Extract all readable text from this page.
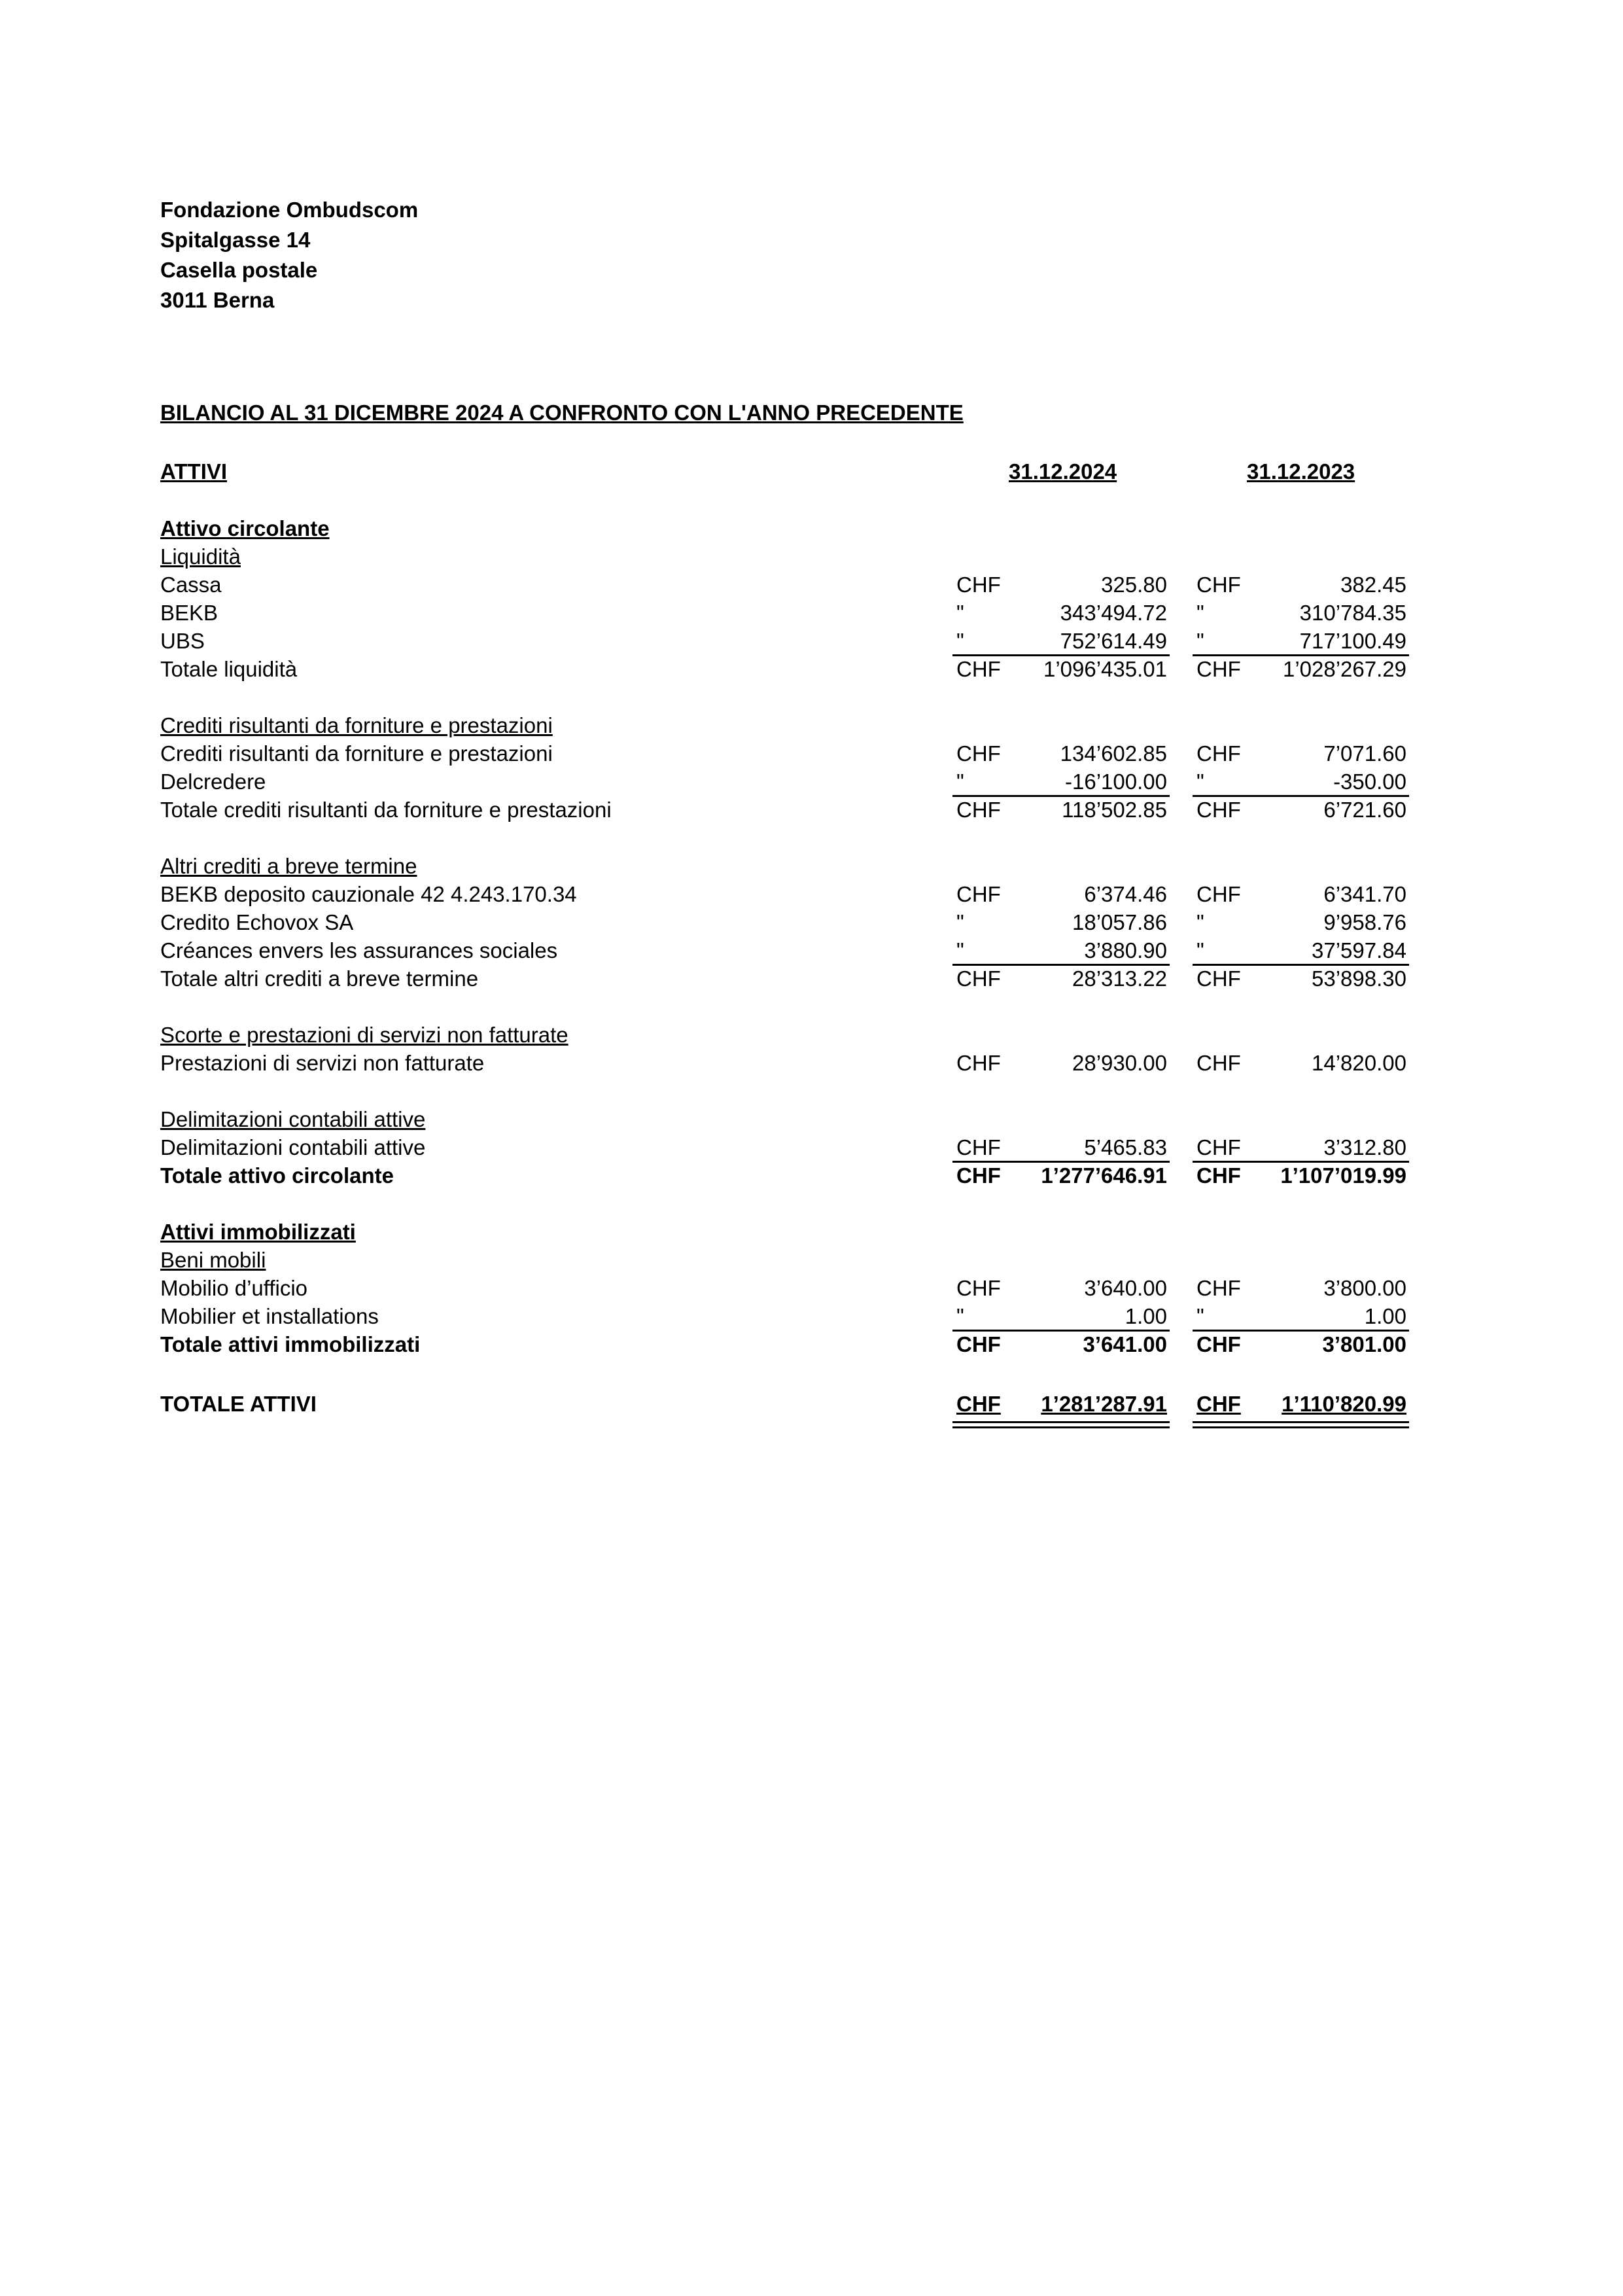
Fondazione Ombudscom
Spitalgasse 14
Casella postale
3011 Berna
BILANCIO AL 31 DICEMBRE 2024 A CONFRONTO CON L'ANNO PRECEDENTE
ATTIVI	31.12.2024	31.12.2023
Attivo circolante
Liquidità
Cassa	CHF	325.80 CHF	382.45
BEKB	"	343’494.72 "	310’784.35
UBS	"	752’614.49 "	717’100.49
Totale liquidità	CHF 1’096’435.01 CHF 1’028’267.29
Crediti risultanti da forniture e prestazioni
Crediti risultanti da forniture e prestazioni	CHF	134’602.85 CHF	7’071.60
Delcredere	"	-16’100.00 "	-350.00
Totale crediti risultanti da forniture e prestazioni	CHF	118’502.85 CHF	6’721.60
Altri crediti a breve termine
BEKB deposito cauzionale 42 4.243.170.34	CHF	6’374.46 CHF	6’341.70
Credito Echovox SA	"	18’057.86 "	9’958.76
Créances envers les assurances sociales	"	3’880.90 "	37’597.84
Totale altri crediti a breve termine	CHF	28’313.22 CHF	53’898.30
Scorte e prestazioni di servizi non fatturate
Prestazioni di servizi non fatturate	CHF	28’930.00 CHF	14’820.00
Delimitazioni contabili attive
Delimitazioni contabili attive	CHF	5’465.83 CHF	3’312.80
Totale attivo circolante	CHF 1’277’646.91 CHF 1’107’019.99
Attivi immobilizzati
Beni mobili
Mobilio d’ufficio	CHF	3’640.00 CHF	3’800.00
Mobilier et installations	"	1.00 "	1.00
Totale attivi immobilizzati	CHF	3’641.00 CHF	3’801.00
TOTALE ATTIVI	CHF 1’281’287.91 CHF 1’110’820.99
